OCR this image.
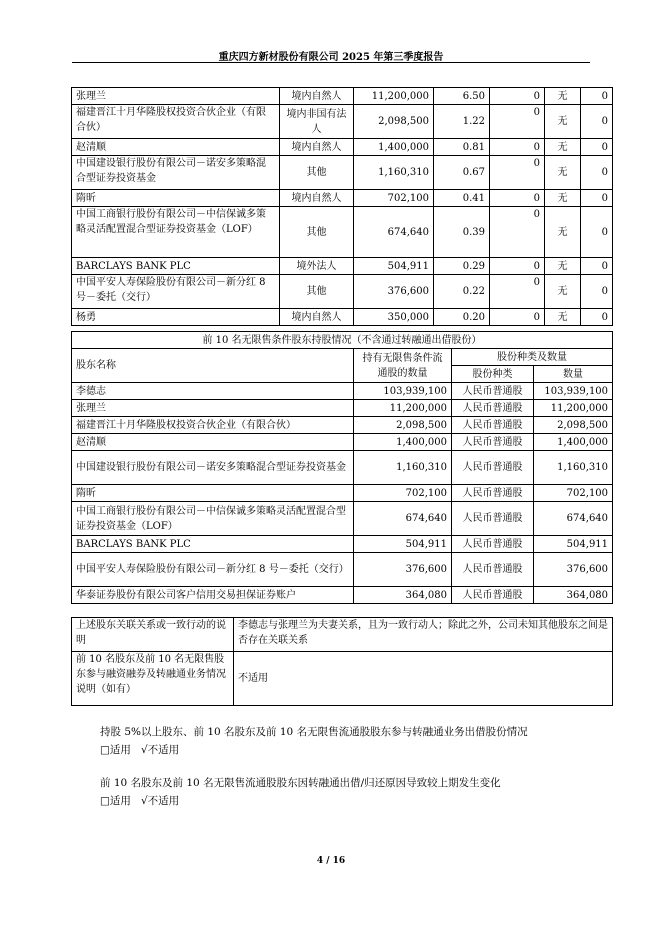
重庆四方新材股份有限公司 2025 年第三季度报告
张理兰	境内自然人	11,200,000	6.50	0	无	0
福建晋江十月华隆股权投资合伙企业（有限合伙）	境内非国有法人	2,098,500	1.22	0	无	0
赵清顺	境内自然人	1,400,000	0.81	0	无	0
中国建设银行股份有限公司－诺安多策略混合型证券投资基金	其他	1,160,310	0.67	0	无	0
隋昕	境内自然人	702,100	0.41	0	无	0
中国工商银行股份有限公司－中信保诚多策略灵活配置混合型证券投资基金（LOF）	其他	674,640	0.39	0	无	0
BARCLAYS BANK PLC	境外法人	504,911	0.29	0	无	0
中国平安人寿保险股份有限公司－新分红 8 号－委托（交行）	其他	376,600	0.22	0	无	0
杨勇	境内自然人	350,000	0.20	0	无	0
前 10 名无限售条件股东持股情况（不含通过转融通出借股份）			
股东名称	持有无限售条件流通股的数量	股份种类及数量	
		股份种类	数量
李德志	103,939,100	人民币普通股	103,939,100
张理兰	11,200,000	人民币普通股	11,200,000
福建晋江十月华隆股权投资合伙企业（有限合伙）	2,098,500	人民币普通股	2,098,500
赵清顺	1,400,000	人民币普通股	1,400,000
中国建设银行股份有限公司－诺安多策略混合型证券投资基金	1,160,310	人民币普通股	1,160,310
隋昕	702,100	人民币普通股	702,100
中国工商银行股份有限公司－中信保诚多策略灵活配置混合型证券投资基金（LOF）	674,640	人民币普通股	674,640
BARCLAYS BANK PLC	504,911	人民币普通股	504,911
中国平安人寿保险股份有限公司－新分红 8 号－委托（交行）	376,600	人民币普通股	376,600
华泰证券股份有限公司客户信用交易担保证券账户	364,080	人民币普通股	364,080
上述股东关联关系或一致行动的说明	李德志与张理兰为夫妻关系，且为一致行动人；除此之外，公司未知其他股东之间是否存在关联关系
前 10 名股东及前 10 名无限售股东参与融资融券及转融通业务情况说明（如有）	不适用
持股 5%以上股东、前 10 名股东及前 10 名无限售流通股股东参与转融通业务出借股份情况
□适用 √不适用
前 10 名股东及前 10 名无限售流通股股东因转融通出借/归还原因导致较上期发生变化
□适用 √不适用
4 / 16
